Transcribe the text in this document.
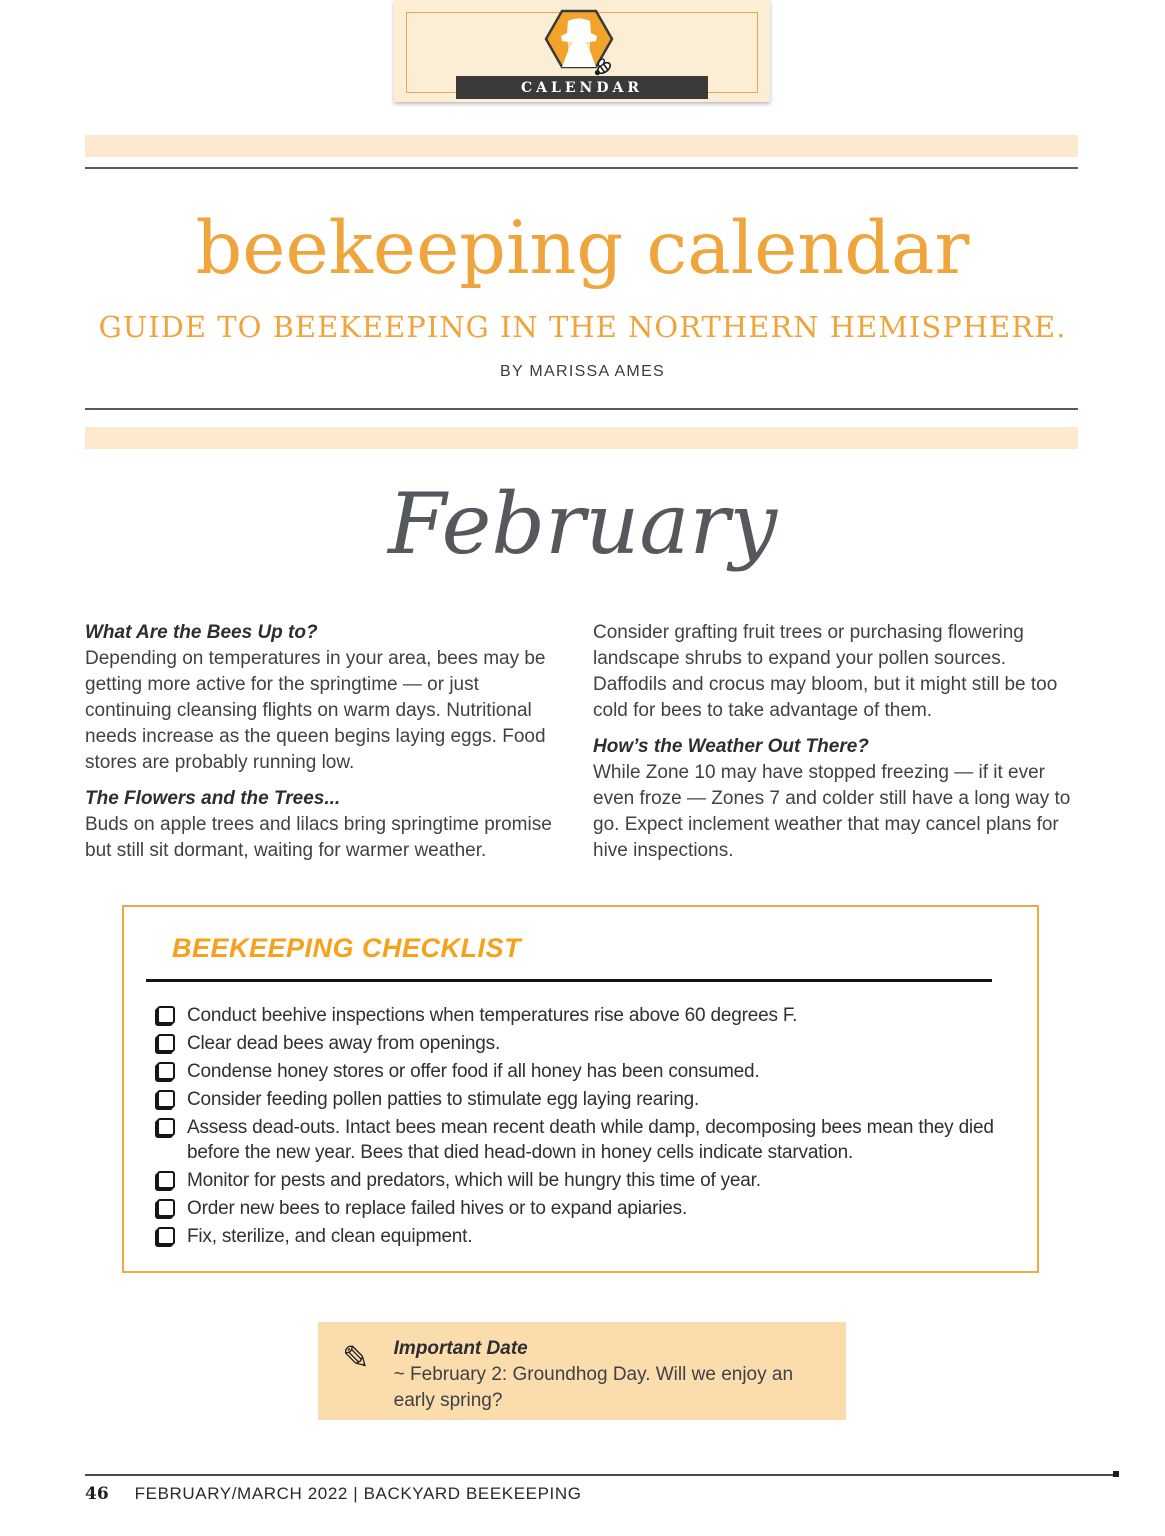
CALENDAR
beekeeping calendar
GUIDE TO BEEKEEPING IN THE NORTHERN HEMISPHERE.
BY MARISSA AMES
February
What Are the Bees Up to?

Depending on temperatures in your area, bees may be getting more active for the springtime — or just continuing cleansing flights on warm days. Nutritional needs increase as the queen begins laying eggs. Food stores are probably running low.

The Flowers and the Trees...

Buds on apple trees and lilacs bring springtime promise but still sit dormant, waiting for warmer weather.

Consider grafting fruit trees or purchasing flowering landscape shrubs to expand your pollen sources. Daffodils and crocus may bloom, but it might still be too cold for bees to take advantage of them.

How’s the Weather Out There?

While Zone 10 may have stopped freezing — if it ever even froze — Zones 7 and colder still have a long way to go. Expect inclement weather that may cancel plans for hive inspections.

BEEKEEPING CHECKLIST
Conduct beehive inspections when temperatures rise above 60 degrees F.
Clear dead bees away from openings.
Condense honey stores or offer food if all honey has been consumed.
Consider feeding pollen patties to stimulate egg laying rearing.
Assess dead-outs. Intact bees mean recent death while damp, decomposing bees mean they died before the new year. Bees that died head-down in honey cells indicate starvation.
Monitor for pests and predators, which will be hungry this time of year.
Order new bees to replace failed hives or to expand apiaries.
Fix, sterilize, and clean equipment.
✎ Important Date

~ February 2: Groundhog Day. Will we enjoy an early spring?

46 FEBRUARY/MARCH 2022 | BACKYARD BEEKEEPING
